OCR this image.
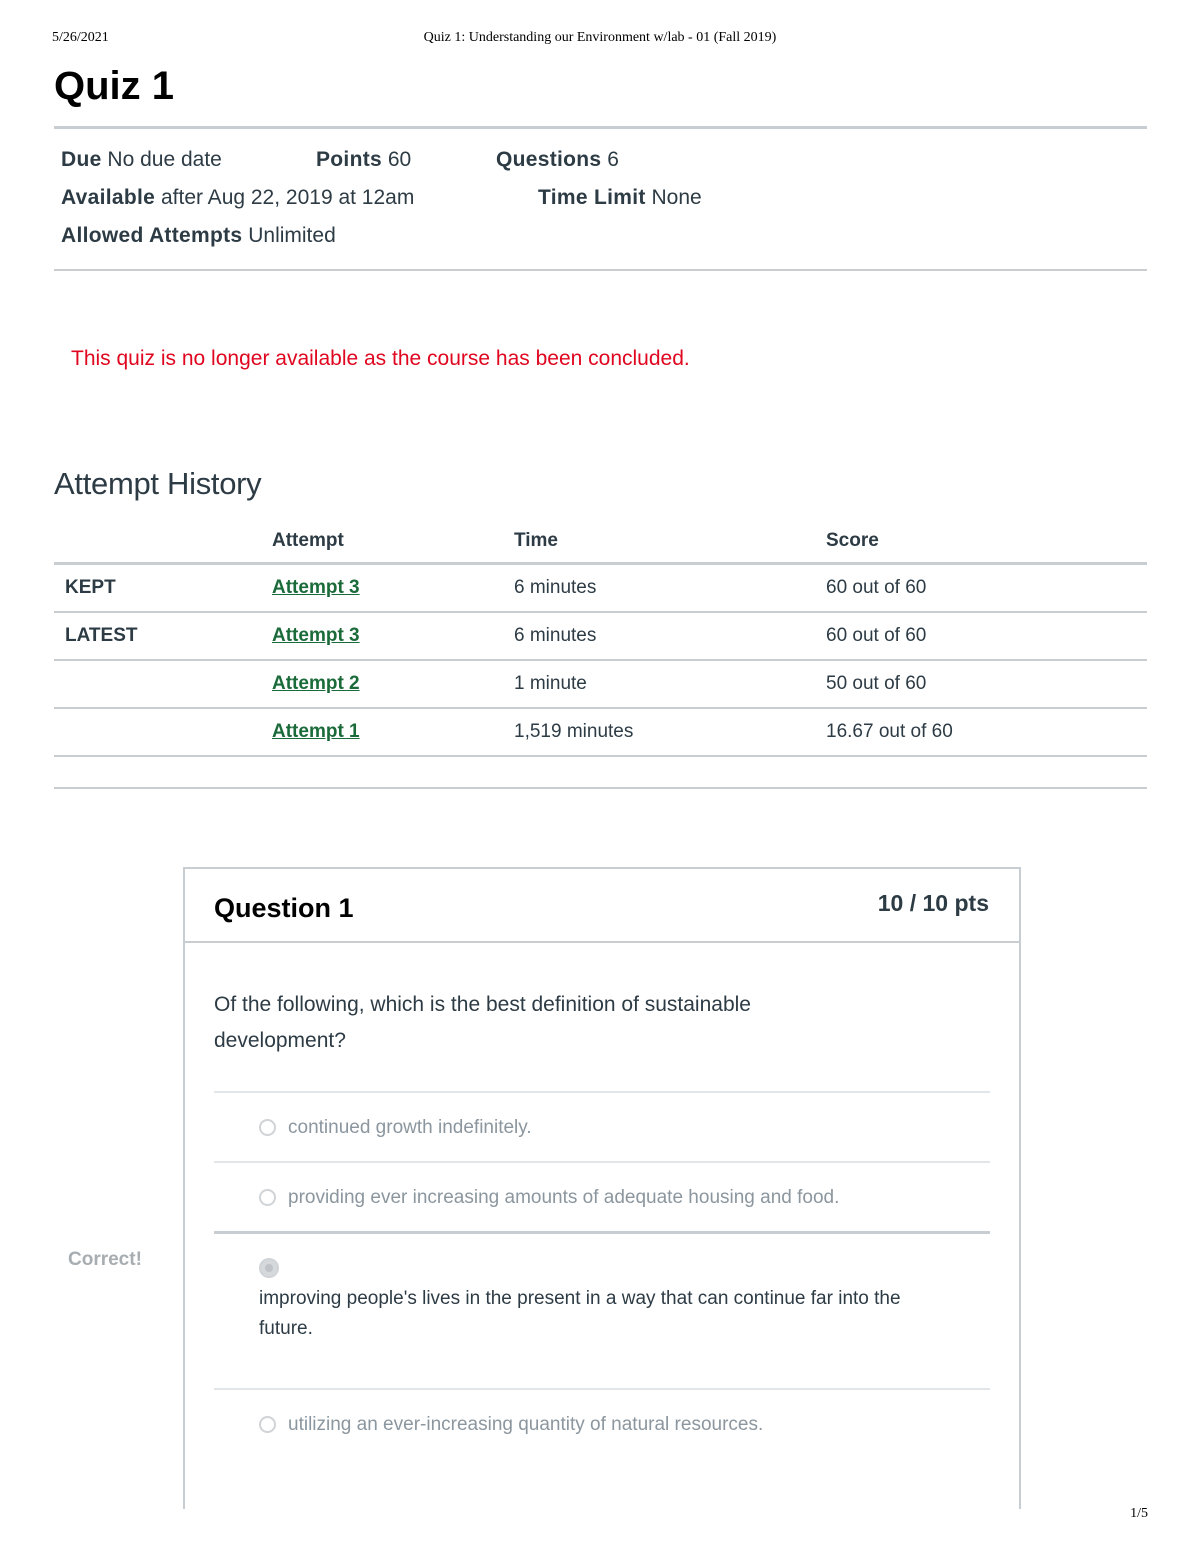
5/26/2021	Quiz 1: Understanding our Environment w/lab - 01 (Fall 2019)
Quiz 1
Due No due date	Points 60	Questions 6
Available after Aug 22, 2019 at 12am	Time Limit None
Allowed Attempts Unlimited
This quiz is no longer available as the course has been concluded.
Attempt History
	Attempt	Time	Score
KEPT	Attempt 3	6 minutes	60 out of 60
LATEST	Attempt 3	6 minutes	60 out of 60
	Attempt 2	1 minute	50 out of 60
	Attempt 1	1,519 minutes	16.67 out of 60
Correct!
Question 1	10 / 10 pts
Of the following, which is the best definition of sustainable development?
continued growth indefinitely.
providing ever increasing amounts of adequate housing and food.
improving people's lives in the present in a way that can continue far into the future.
utilizing an ever-increasing quantity of natural resources.
1/5
